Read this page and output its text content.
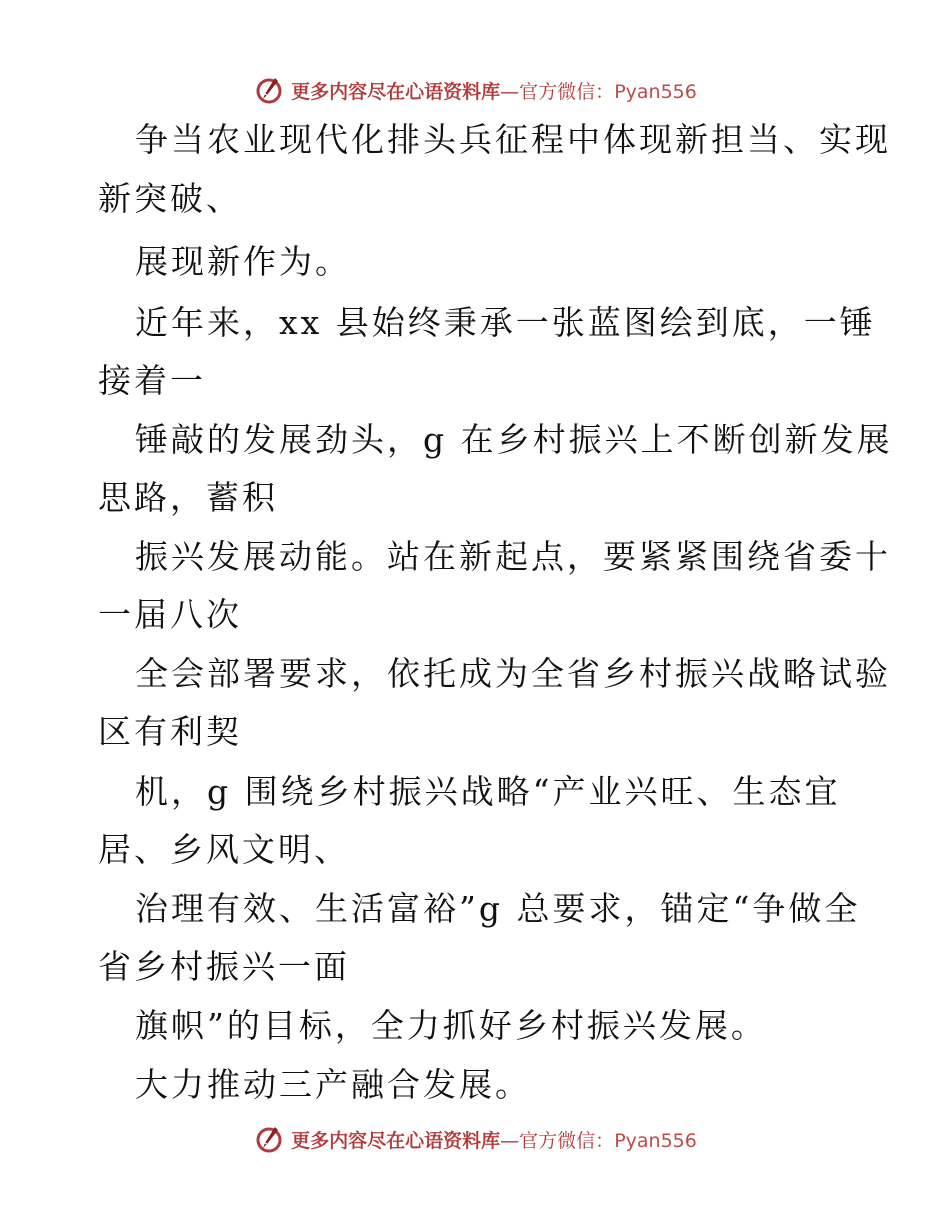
更多内容尽在心语资料库—官方微信：Pyan556
争当农业现代化排头兵征程中体现新担当、实现
新突破、
展现新作为。
近年来，xx 县始终秉承一张蓝图绘到底，一锤
接着一
锤敲的发展劲头，g 在乡村振兴上不断创新发展
思路，蓄积
振兴发展动能。站在新起点，要紧紧围绕省委十
一届八次
全会部署要求，依托成为全省乡村振兴战略试验
区有利契
机，g 围绕乡村振兴战略“产业兴旺、生态宜
居、乡风文明、
治理有效、生活富裕”g 总要求，锚定“争做全
省乡村振兴一面
旗帜”的目标，全力抓好乡村振兴发展。
大力推动三产融合发展。
更多内容尽在心语资料库—官方微信：Pyan556
